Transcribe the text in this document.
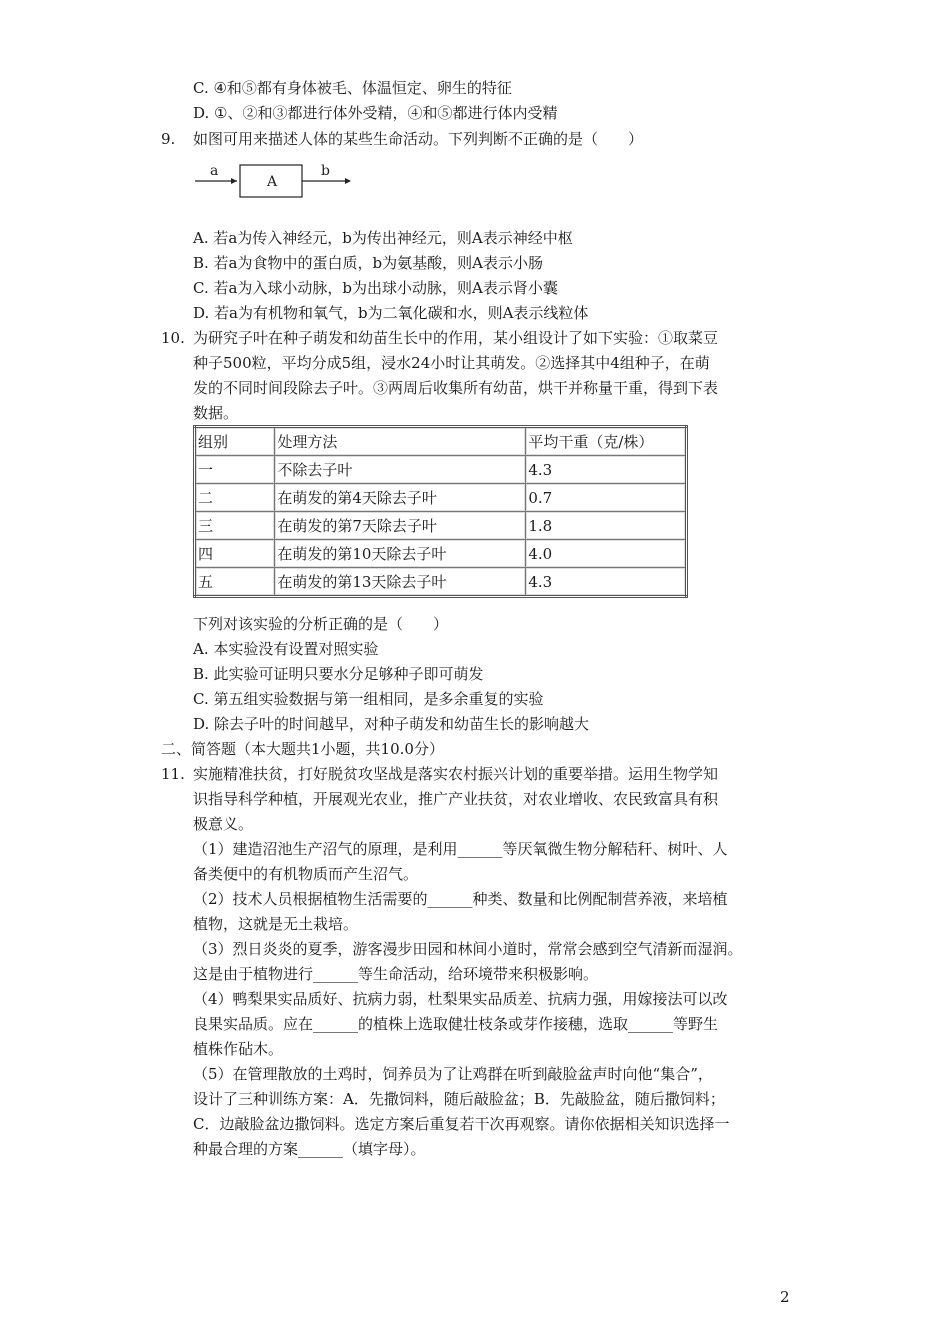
C. ④和⑤都有身体被毛、体温恒定、卵生的特征
D. ①、②和③都进行体外受精，④和⑤都进行体内受精
9. 如图可用来描述人体的某些生命活动。下列判断不正确的是（　　）
a
A
b
A. 若a为传入神经元，b为传出神经元，则A表示神经中枢
B. 若a为食物中的蛋白质，b为氨基酸，则A表示小肠
C. 若a为入球小动脉，b为出球小动脉，则A表示肾小囊
D. 若a为有机物和氧气，b为二氧化碳和水，则A表示线粒体
10. 为研究子叶在种子萌发和幼苗生长中的作用，某小组设计了如下实验：①取菜豆
种子500粒，平均分成5组，浸水24小时让其萌发。②选择其中4组种子，在萌
发的不同时间段除去子叶。③两周后收集所有幼苗，烘干并称量干重，得到下表
数据。
组别	处理方法	平均干重（克/株）
一	不除去子叶	4.3
二	在萌发的第4天除去子叶	0.7
三	在萌发的第7天除去子叶	1.8
四	在萌发的第10天除去子叶	4.0
五	在萌发的第13天除去子叶	4.3
下列对该实验的分析正确的是（　　）
A. 本实验没有设置对照实验
B. 此实验可证明只要水分足够种子即可萌发
C. 第五组实验数据与第一组相同，是多余重复的实验
D. 除去子叶的时间越早，对种子萌发和幼苗生长的影响越大
二、简答题（本大题共1小题，共10.0分）
11. 实施精准扶贫，打好脱贫攻坚战是落实农村振兴计划的重要举措。运用生物学知
识指导科学种植，开展观光农业，推广产业扶贫，对农业增收、农民致富具有积
极意义。
（1）建造沼池生产沼气的原理，是利用______等厌氧微生物分解秸秆、树叶、人
备类便中的有机物质而产生沼气。
（2）技术人员根据植物生活需要的______种类、数量和比例配制营养液，来培植
植物，这就是无土栽培。
（3）烈日炎炎的夏季，游客漫步田园和林间小道时，常常会感到空气清新而湿润。
这是由于植物进行______等生命活动，给环境带来积极影响。
（4）鸭梨果实品质好、抗病力弱，杜梨果实品质差、抗病力强，用嫁接法可以改
良果实品质。应在______的植株上选取健壮枝条或芽作接穗，选取______等野生
植株作砧木。
（5）在管理散放的土鸡时，饲养员为了让鸡群在听到敲脸盆声时向他“集合”，
设计了三种训练方案：A．先撒饲料，随后敲脸盆；B．先敲脸盆，随后撒饲料；
C．边敲脸盆边撒饲料。选定方案后重复若干次再观察。请你依据相关知识选择一
种最合理的方案______（填字母）。
2
